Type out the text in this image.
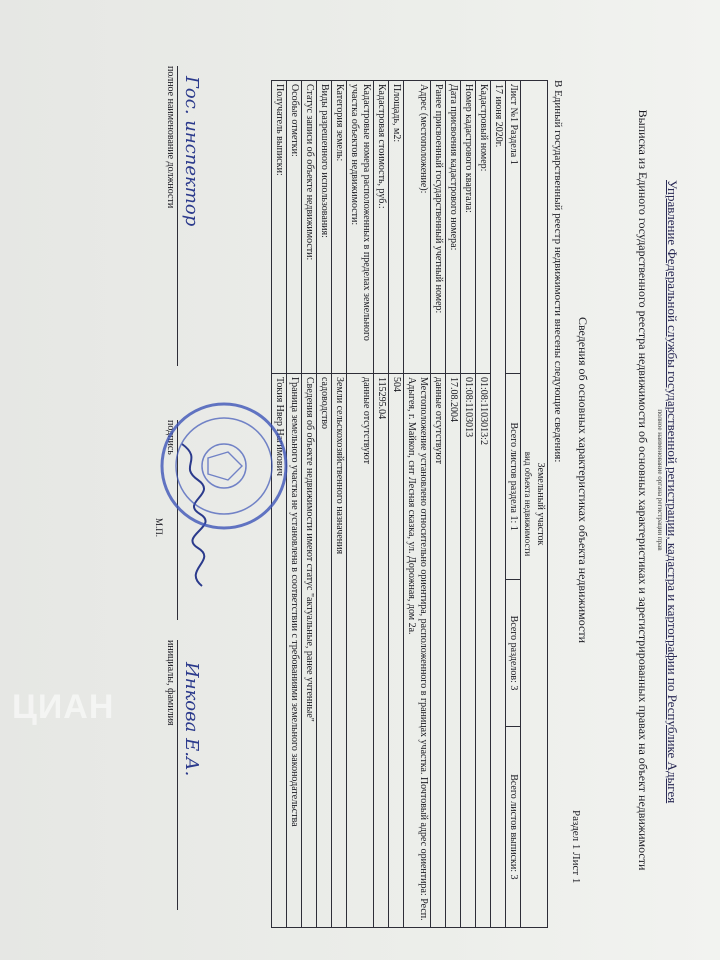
Управление Федеральной службы государственной регистрации, кадастра и картографии по Республике Адыгея
полное наименование органа регистрации прав
Выписка из Единого государственного реестра недвижимости об основных характеристиках и зарегистрированных правах на объект недвижимости
Сведения об основных характеристиках объекта недвижимости
Раздел 1 Лист 1
В Единый государственный реестр недвижимости внесены следующие сведения:
Земельный участок
вид объекта недвижимости			

Лист №1 Раздела 1	Всего листов раздела 1: 1	Всего разделов: 3	Всего листов выписки: 3
17 июня 2020г.			
Кадастровый номер:	01:08:1103013:2		
Номер кадастрового квартала:	01:08:1103013		
Дата присвоения кадастрового номера:	17.08.2004		
Ранее присвоенный государственный учетный номер:	данные отсутствуют		
Адрес (местоположение):	Местоположение установлено относительно ориентира, расположенного в границах участка. Почтовый адрес ориентира: Респ. Адыгея, г. Майкоп, снт Лесная сказка, ул. Дорожная, дом 2а.		
Площадь, м2:	504		
Кадастровая стоимость, руб.:	115295.04		
Кадастровые номера расположенных в пределах земельного участка объектов недвижимости:	данные отсутствуют		
Категория земель:	Земли сельскохозяйственного назначения		
Виды разрешенного использования:	садоводство		
Статус записи об объекте недвижимости:	Сведения об объекте недвижимости имеют статус "актуальные, ранее учтенные"		
Особые отметки:	Граница земельного участка не установлена в соответствии с требованиями земельного законодательства		
Получатель выписки:	Токия Нвер Нагимович		
Гос. инспектор
полное наименование должности
подпись
М.П.
Инкова Е.А.
инициалы, фамилия
ЦИАН
